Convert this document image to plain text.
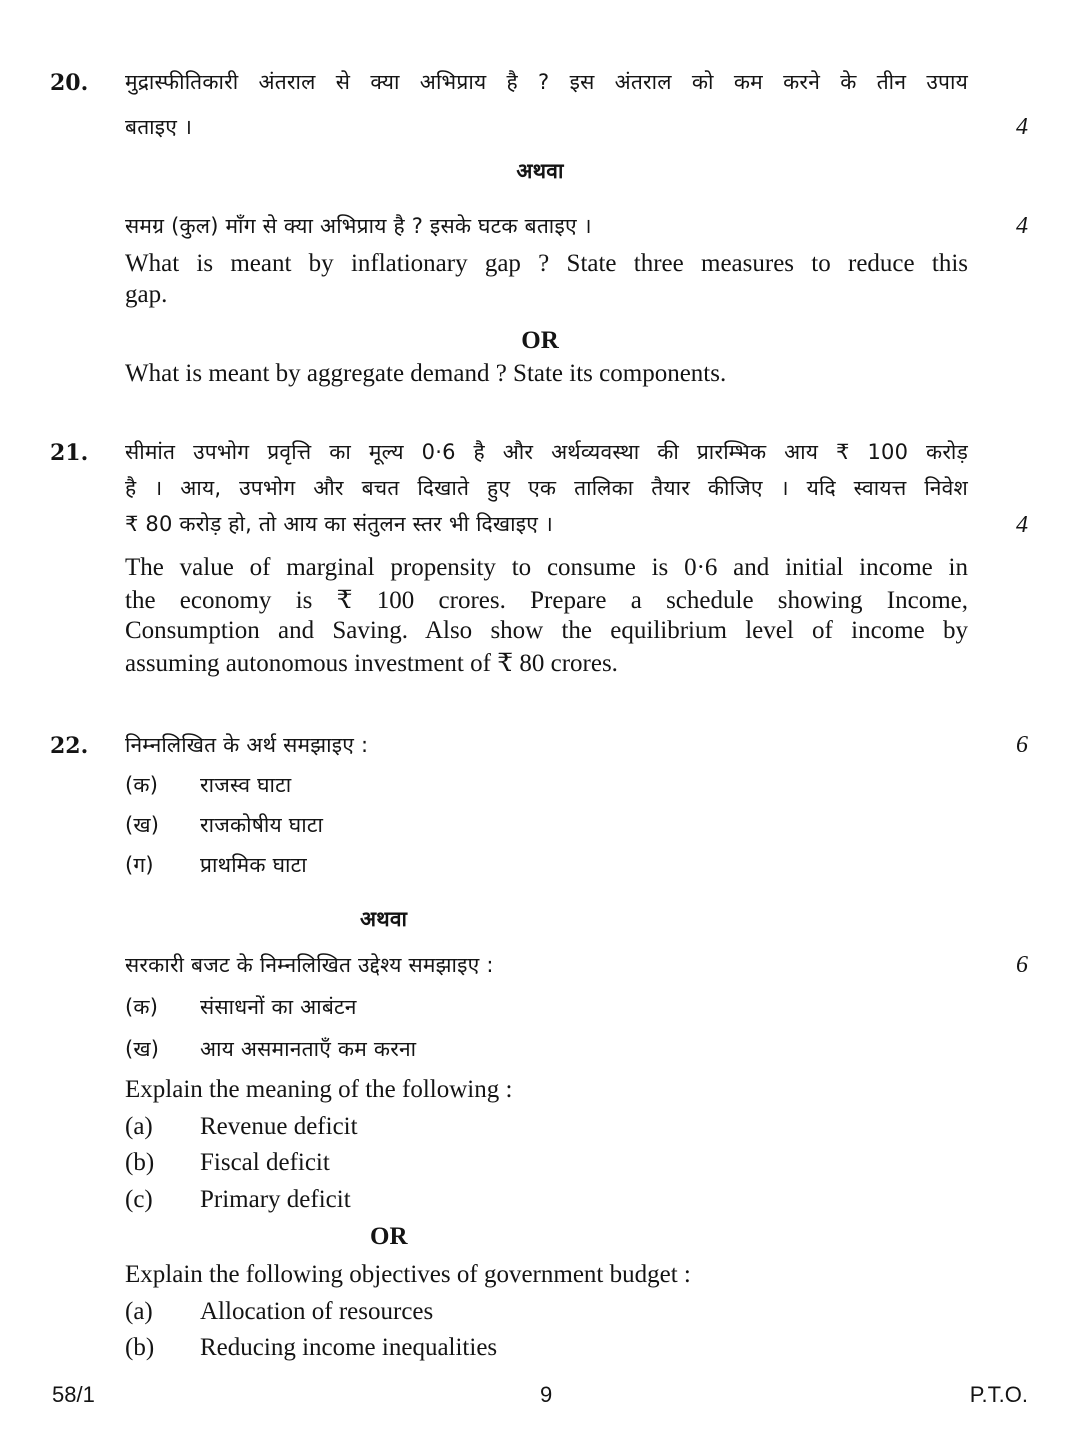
20. मुद्रास्फीतिकारी अंतराल से क्या अभिप्राय है ? इस अंतराल को कम करने के तीन उपाय
बताइए ।	4
अथवा
समग्र (कुल) माँग से क्या अभिप्राय है ? इसके घटक बताइए ।	4
What is meant by inflationary gap ? State three measures to reduce this
gap.
OR
What is meant by aggregate demand ? State its components.
21. सीमांत उपभोग प्रवृत्ति का मूल्य 0·6 है और अर्थव्यवस्था की प्रारम्भिक आय ₹ 100 करोड़
है । आय, उपभोग और बचत दिखाते हुए एक तालिका तैयार कीजिए । यदि स्वायत्त निवेश
₹ 80 करोड़ हो, तो आय का संतुलन स्तर भी दिखाइए ।	4
The value of marginal propensity to consume is 0·6 and initial income in
the economy is ₹ 100 crores. Prepare a schedule showing Income,
Consumption and Saving. Also show the equilibrium level of income by
assuming autonomous investment of ₹ 80 crores.
22. निम्नलिखित के अर्थ समझाइए :	6
(क) राजस्व घाटा
(ख) राजकोषीय घाटा
(ग) प्राथमिक घाटा
अथवा
सरकारी बजट के निम्नलिखित उद्देश्य समझाइए :	6
(क) संसाधनों का आबंटन
(ख) आय असमानताएँ कम करना
Explain the meaning of the following :
(a) Revenue deficit
(b) Fiscal deficit
(c) Primary deficit
OR
Explain the following objectives of government budget :
(a) Allocation of resources
(b) Reducing income inequalities
58/1	9	P.T.O.
